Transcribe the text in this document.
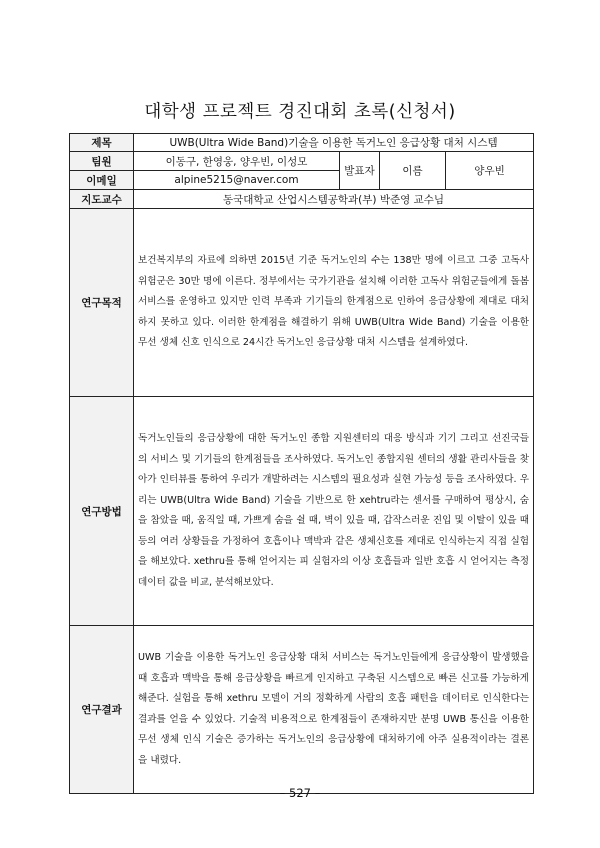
대학생 프로젝트 경진대회 초록(신청서)
제목	UWB(Ultra Wide Band)기술을 이용한 독거노인 응급상황 대처 시스템			
팀원	이동구, 한영웅, 양우빈, 이성모	발표자	이름	양우빈
이메일	alpine5215@naver.com			
지도교수	동국대학교 산업시스템공학과(부) 박준영 교수님			
연구목적	보건복지부의 자료에 의하면 2015년 기준 독거노인의 수는 138만 명에 이르고 그중 고독사 위험군은 30만 명에 이른다. 정부에서는 국가기관을 설치해 이러한 고독사 위험군들에게 돌봄 서비스를 운영하고 있지만 인력 부족과 기기들의 한계점으로 인하여 응급상황에 제대로 대처하지 못하고 있다. 이러한 한계점을 해결하기 위해 UWB(Ultra Wide Band) 기술을 이용한 무선 생체 신호 인식으로 24시간 독거노인 응급상황 대처 시스템을 설계하였다.			

연구방법	독거노인들의 응급상황에 대한 독거노인 종합 지원센터의 대응 방식과 기기 그리고 선진국들의 서비스 및 기기들의 한계점들을 조사하였다. 독거노인 종합지원 센터의 생활 관리사들을 찾아가 인터뷰를 통하여 우리가 개발하려는 시스템의 필요성과 실현 가능성 등을 조사하였다. 우리는 UWB(Ultra Wide Band) 기술을 기반으로 한 xehtru라는 센서를 구매하여 평상시, 숨을 참았을 때, 움직일 때, 가쁘게 숨을 쉴 때, 벽이 있을 때, 갑작스러운 진입 및 이탈이 있을 때 등의 여러 상황들을 가정하여 호흡이나 맥박과 같은 생체신호를 제대로 인식하는지 직접 실험을 해보았다. xethru를 통해 얻어지는 피 실험자의 이상 호흡들과 일반 호흡 시 얻어지는 측정 데이터 값을 비교, 분석해보았다.			

연구결과	UWB 기술을 이용한 독거노인 응급상황 대처 서비스는 독거노인들에게 응급상황이 발생했을 때 호흡과 맥박을 통해 응급상황을 빠르게 인지하고 구축된 시스템으로 빠른 신고를 가능하게 해준다. 실험을 통해 xethru 모델이 거의 정확하게 사람의 호흡 패턴을 데이터로 인식한다는 결과를 얻을 수 있었다. 기술적 비용적으로 한계점들이 존재하지만 분명 UWB 통신을 이용한 무선 생체 인식 기술은 증가하는 독거노인의 응급상황에 대처하기에 아주 실용적이라는 결론을 내렸다.			
– 527 –
